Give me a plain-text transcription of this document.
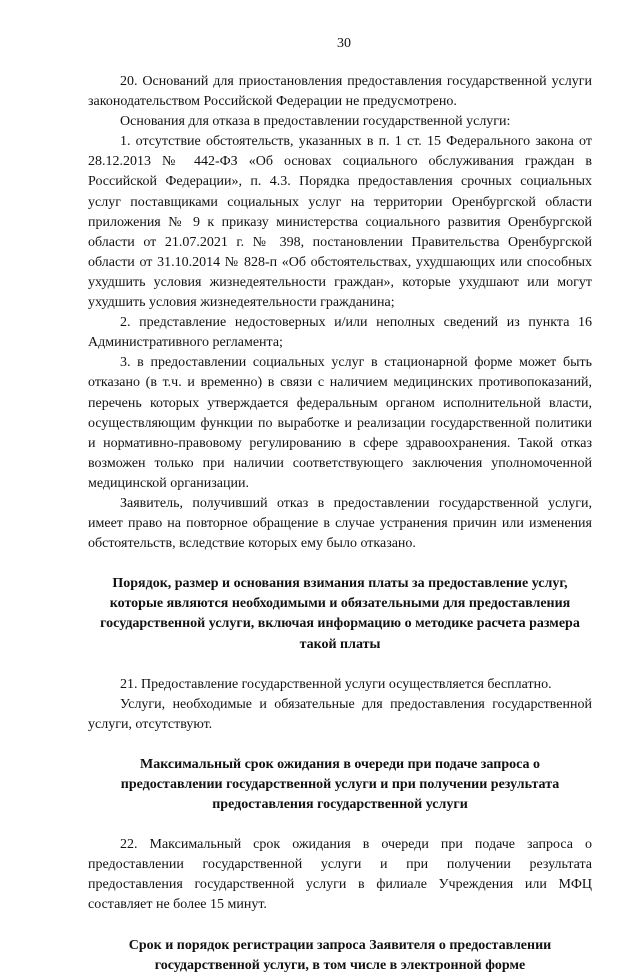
30

20. Оснований для приостановления предоставления государственной услуги законодательством Российской Федерации не предусмотрено.

Основания для отказа в предоставлении государственной услуги:

1. отсутствие обстоятельств, указанных в п. 1 ст. 15 Федерального закона от 28.12.2013 № 442-ФЗ «Об основах социального обслуживания граждан в Российской Федерации», п. 4.3. Порядка предоставления срочных социальных услуг поставщиками социальных услуг на территории Оренбургской области приложения № 9 к приказу министерства социального развития Оренбургской области от 21.07.2021 г. № 398, постановлении Правительства Оренбургской области от 31.10.2014 № 828-п «Об обстоятельствах, ухудшающих или способных ухудшить условия жизнедеятельности граждан», которые ухудшают или могут ухудшить условия жизнедеятельности гражданина;

2. представление недостоверных и/или неполных сведений из пункта 16 Административного регламента;

3. в предоставлении социальных услуг в стационарной форме может быть отказано (в т.ч. и временно) в связи с наличием медицинских противопоказаний, перечень которых утверждается федеральным органом исполнительной власти, осуществляющим функции по выработке и реализации государственной политики и нормативно-правовому регулированию в сфере здравоохранения. Такой отказ возможен только при наличии соответствующего заключения уполномоченной медицинской организации.

Заявитель, получивший отказ в предоставлении государственной услуги, имеет право на повторное обращение в случае устранения причин или изменения обстоятельств, вследствие которых ему было отказано.

Порядок, размер и основания взимания платы за предоставление услуг, которые являются необходимыми и обязательными для предоставления государственной услуги, включая информацию о методике расчета размера такой платы

21. Предоставление государственной услуги осуществляется бесплатно.

Услуги, необходимые и обязательные для предоставления государственной услуги, отсутствуют.

Максимальный срок ожидания в очереди при подаче запроса о предоставлении государственной услуги и при получении результата предоставления государственной услуги

22. Максимальный срок ожидания в очереди при подаче запроса о предоставлении государственной услуги и при получении результата предоставления государственной услуги в филиале Учреждения или МФЦ составляет не более 15 минут.

Срок и порядок регистрации запроса Заявителя о предоставлении государственной услуги, в том числе в электронной форме
